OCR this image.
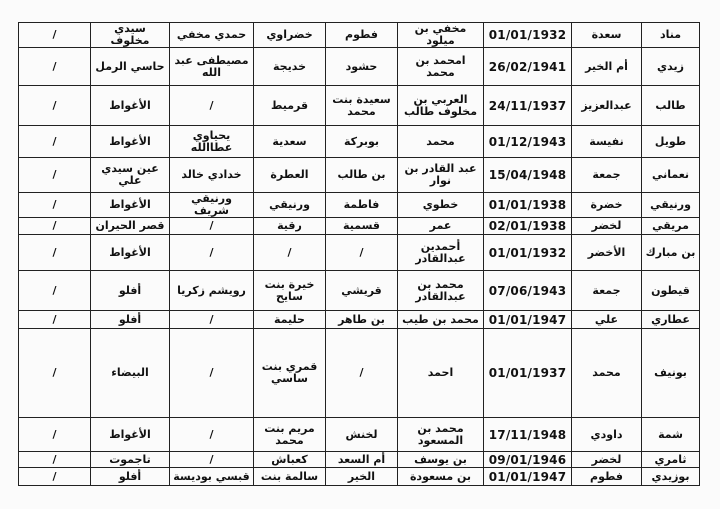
مناد	سعدة	01/01/1932	مخفي بن ميلود	فطوم	خضراوي	حمدي مخفي	سيدي مخلوف	/
زيدي	أم الخير	26/02/1941	امحمد بن محمد	حشود	خديجة	مصيطفى عبد الله	حاسي الرمل	/
طالب	عبدالعزيز	24/11/1937	العربي بن مخلوف طالب	سعيدة بنت محمد	قرميط	/	الأغواط	/
طويل	نفيسة	01/12/1943	محمد	بوبركة	سعدية	يحياوي عطاالله	الأغواط	/
نعماني	جمعة	15/04/1948	عبد القادر بن نوار	بن طالب	العطرة	خدادي خالد	عين سيدي علي	/
ورنيقي	خضرة	01/01/1938	خطوي	فاطمة	ورنيقي	ورنيقي شريف	الأغواط	/
مريقي	لخضر	02/01/1938	عمر	قسمية	رقية	/	قصر الحيران	/
بن مبارك	الأخضر	01/01/1932	أحمدين عبدالقادر	/	/	/	الأغواط	/
قيطون	جمعة	07/06/1943	محمد بن عبدالقادر	قريشي	خيرة بنت سايح	رويشم زكريا	أفلو	/
عطاري	علي	01/01/1947	محمد بن طيب	بن طاهر	حليمة	/	أفلو	/
بونيف	محمد	01/01/1937	احمد	/	قمري بنت ساسي	/	البيضاء	/
شمة	داودي	17/11/1948	محمد بن المسعود	لخنش	مريم بنت محمد	/	الأغواط	/
ثامري	لخضر	09/01/1946	بن يوسف	أم السعد	كعباش	/	تاجموت	/
بوزيدي	فطوم	01/01/1947	بن مسعودة	الخير	سالمة بنت	قبسي بوديسة	أفلو	/
